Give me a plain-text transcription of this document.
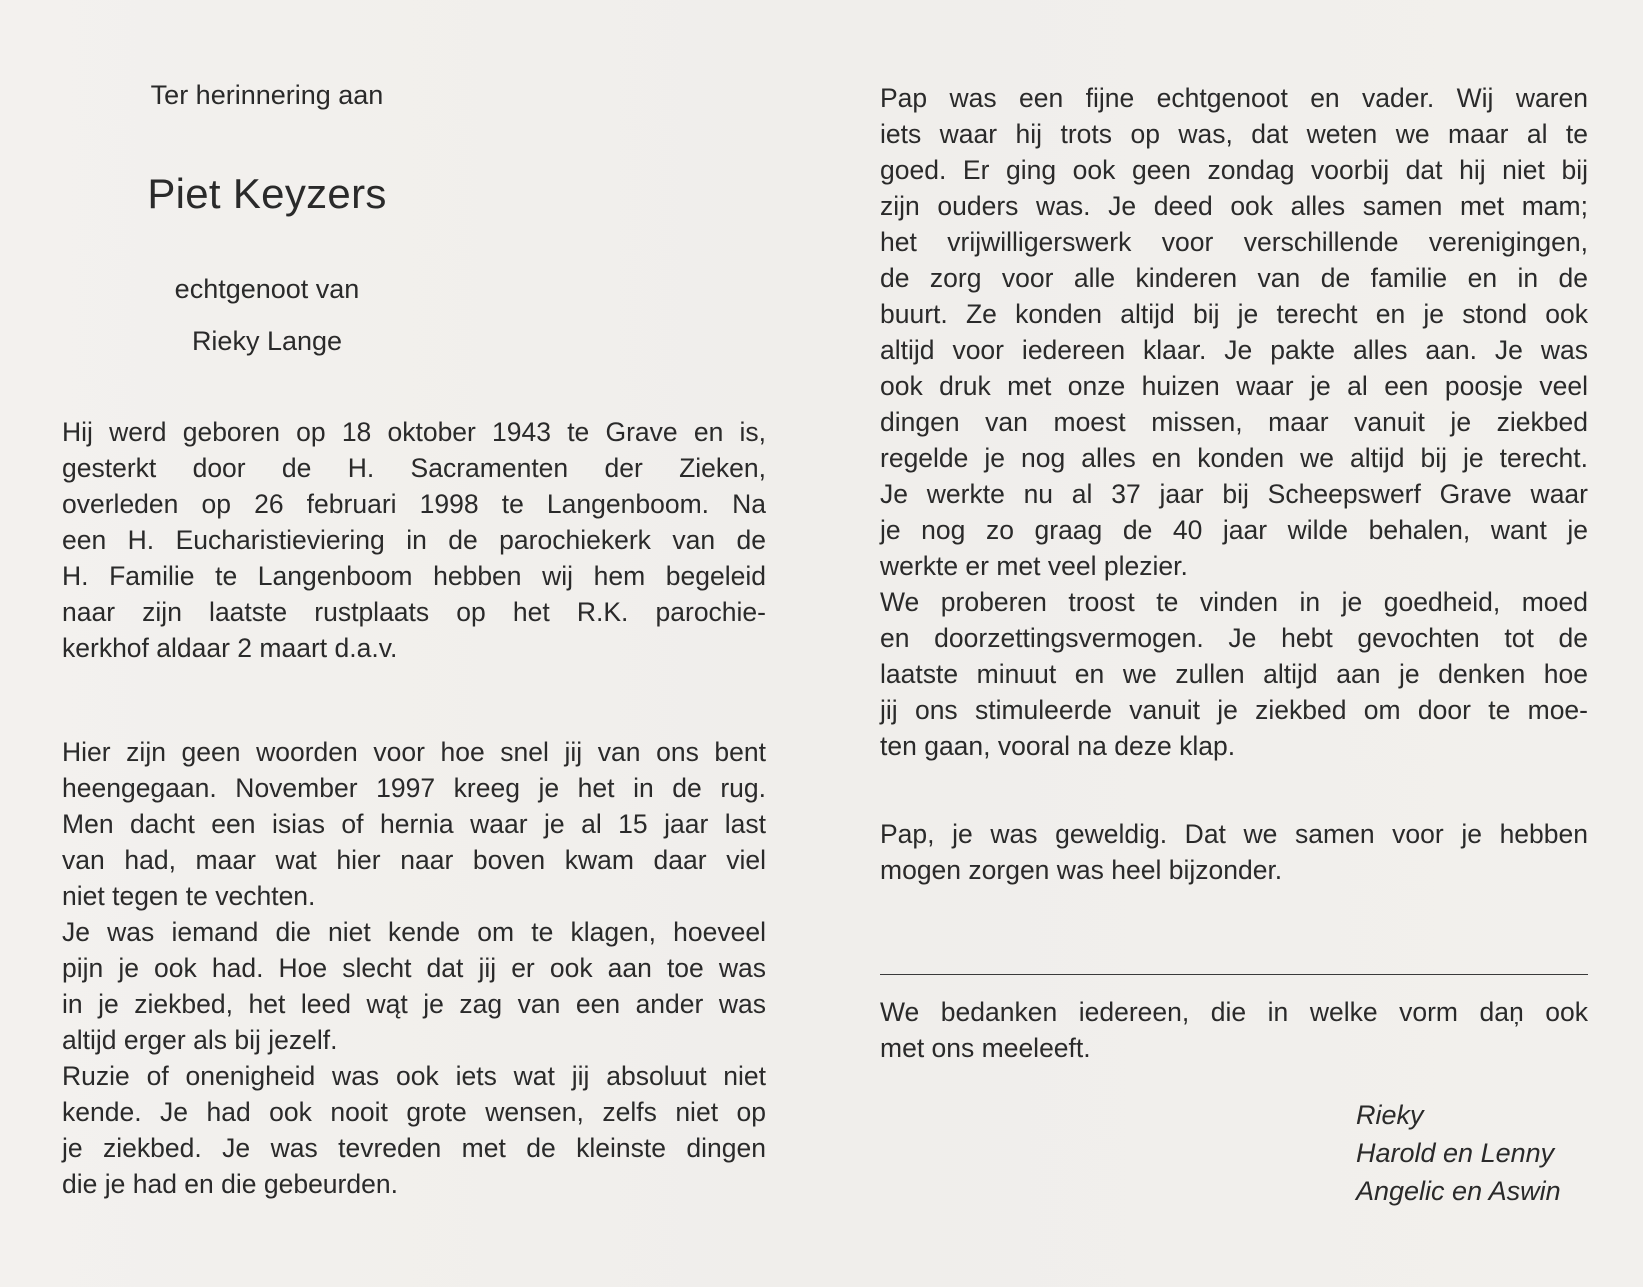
Ter herinnering aan
Piet Keyzers
echtgenoot van
Rieky Lange
Hij werd geboren op 18 oktober 1943 te Grave en is,
gesterkt door de H. Sacramenten der Zieken,
overleden op 26 februari 1998 te Langenboom. Na
een H. Eucharistieviering in de parochiekerk van de
H. Familie te Langenboom hebben wij hem begeleid
naar zijn laatste rustplaats op het R.K. parochie-
kerkhof aldaar 2 maart d.a.v.
Hier zijn geen woorden voor hoe snel jij van ons bent
heengegaan. November 1997 kreeg je het in de rug.
Men dacht een isias of hernia waar je al 15 jaar last
van had, maar wat hier naar boven kwam daar viel
niet tegen te vechten.
Je was iemand die niet kende om te klagen, hoeveel
pijn je ook had. Hoe slecht dat jij er ook aan toe was
in je ziekbed, het leed wąt je zag van een ander was
altijd erger als bij jezelf.
Ruzie of onenigheid was ook iets wat jij absoluut niet
kende. Je had ook nooit grote wensen, zelfs niet op
je ziekbed. Je was tevreden met de kleinste dingen
die je had en die gebeurden.
Pap was een fijne echtgenoot en vader. Wij waren
iets waar hij trots op was, dat weten we maar al te
goed. Er ging ook geen zondag voorbij dat hij niet bij
zijn ouders was. Je deed ook alles samen met mam;
het vrijwilligerswerk voor verschillende verenigingen,
de zorg voor alle kinderen van de familie en in de
buurt. Ze konden altijd bij je terecht en je stond ook
altijd voor iedereen klaar. Je pakte alles aan. Je was
ook druk met onze huizen waar je al een poosje veel
dingen van moest missen, maar vanuit je ziekbed
regelde je nog alles en konden we altijd bij je terecht.
Je werkte nu al 37 jaar bij Scheepswerf Grave waar
je nog zo graag de 40 jaar wilde behalen, want je
werkte er met veel plezier.
We proberen troost te vinden in je goedheid, moed
en doorzettingsvermogen. Je hebt gevochten tot de
laatste minuut en we zullen altijd aan je denken hoe
jij ons stimuleerde vanuit je ziekbed om door te moe-
ten gaan, vooral na deze klap.
Pap, je was geweldig. Dat we samen voor je hebben
mogen zorgen was heel bijzonder.
We bedanken iedereen, die in welke vorm daņ ook
met ons meeleeft.
Rieky
Harold en Lenny
Angelic en Aswin
